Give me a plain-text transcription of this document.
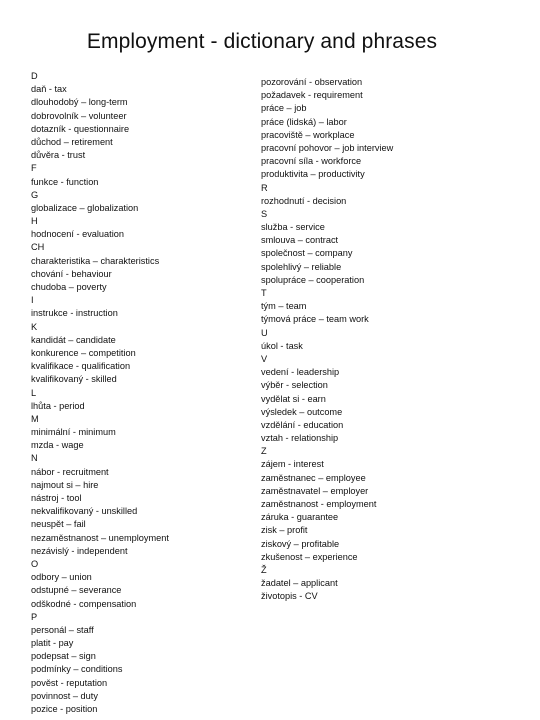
Employment - dictionary and phrases
D
daň - tax
dlouhodobý – long-term
dobrovolník – volunteer
dotazník - questionnaire
důchod – retirement
důvěra - trust
F
funkce - function
G
globalizace – globalization
H
hodnocení - evaluation
CH
charakteristika – charakteristics
chování - behaviour
chudoba – poverty
I
instrukce - instruction
K
kandidát – candidate
konkurence – competition
kvalifikace - qualification
kvalifikovaný - skilled
L
lhůta - period
M
minimální - minimum
mzda - wage
N
nábor - recruitment
najmout si – hire
nástroj - tool
nekvalifikovaný - unskilled
neuspět – fail
nezaměstnanost – unemployment
nezávislý - independent
O
odbory – union
odstupné – severance
odškodné - compensation
P
personál – staff
platit - pay
podepsat – sign
podmínky – conditions
pověst - reputation
povinnost – duty
pozice - position
pozorování - observation
požadavek - requirement
práce – job
práce (lidská) – labor
pracoviště – workplace
pracovní pohovor – job interview
pracovní síla - workforce
produktivita – productivity
R
rozhodnutí - decision
S
služba - service
smlouva – contract
společnost – company
spolehlivý – reliable
spolupráce – cooperation
T
tým – team
týmová práce – team work
U
úkol - task
V
vedení - leadership
výběr - selection
vydělat si - earn
výsledek – outcome
vzdělání - education
vztah - relationship
Z
zájem - interest
zaměstnanec – employee
zaměstnavatel – employer
zaměstnanost - employment
záruka - guarantee
zisk – profit
ziskový – profitable
zkušenost – experience
Ž
žadatel – applicant
životopis - CV
